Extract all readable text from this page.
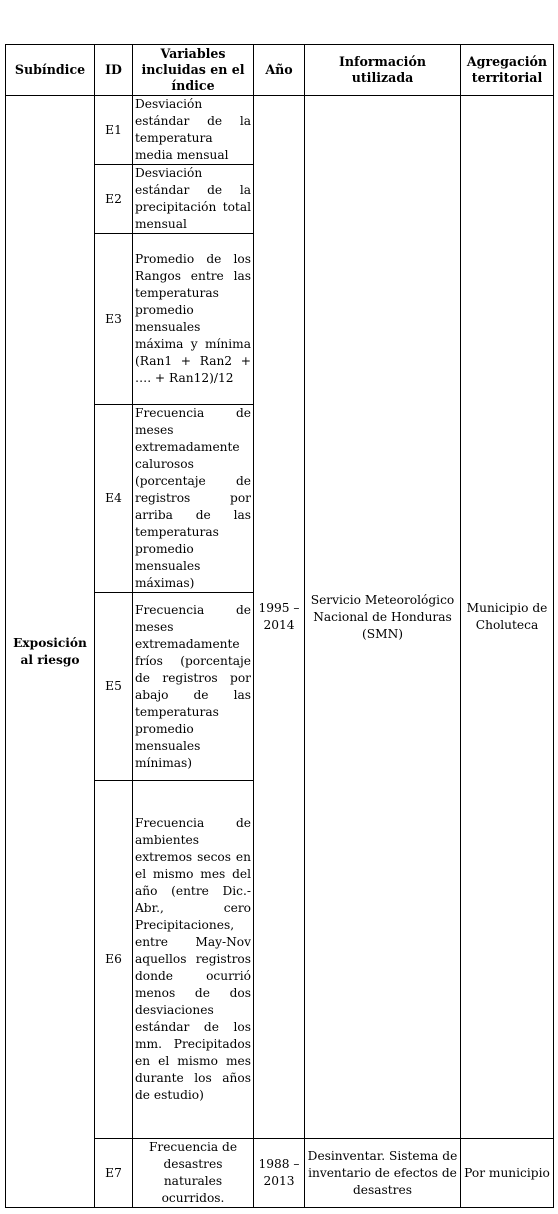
Subíndice	ID	Variables incluidas en el índice	Año	Información utilizada	Agregación territorial
Exposición al riesgo	E1	Desviación estándar de la temperatura media mensual	1995 – 2014	Servicio Meteorológico Nacional de Honduras (SMN)	Municipio de Choluteca
	E2	Desviación estándar de la precipitación total mensual			
	E3	Promedio de los Rangos entre las temperaturas promedio mensuales máxima y mínima (Ran1 + Ran2 + …. + Ran12)/12			
	E4	Frecuencia de meses extremadamente calurosos (porcentaje de registros por arriba de las temperaturas promedio mensuales máximas)			
	E5	Frecuencia de meses extremadamente fríos (porcentaje de registros por abajo de las temperaturas promedio mensuales mínimas)			
	E6	Frecuencia de ambientes extremos secos en el mismo mes del año (entre Dic.-Abr., cero Precipitaciones, entre May-Nov aquellos registros donde ocurrió menos de dos desviaciones estándar de los mm. Precipitados en el mismo mes durante los años de estudio)			
	E7	Frecuencia de desastres naturales ocurridos.	1988 – 2013	Desinventar. Sistema de inventario de efectos de desastres	Por municipio
